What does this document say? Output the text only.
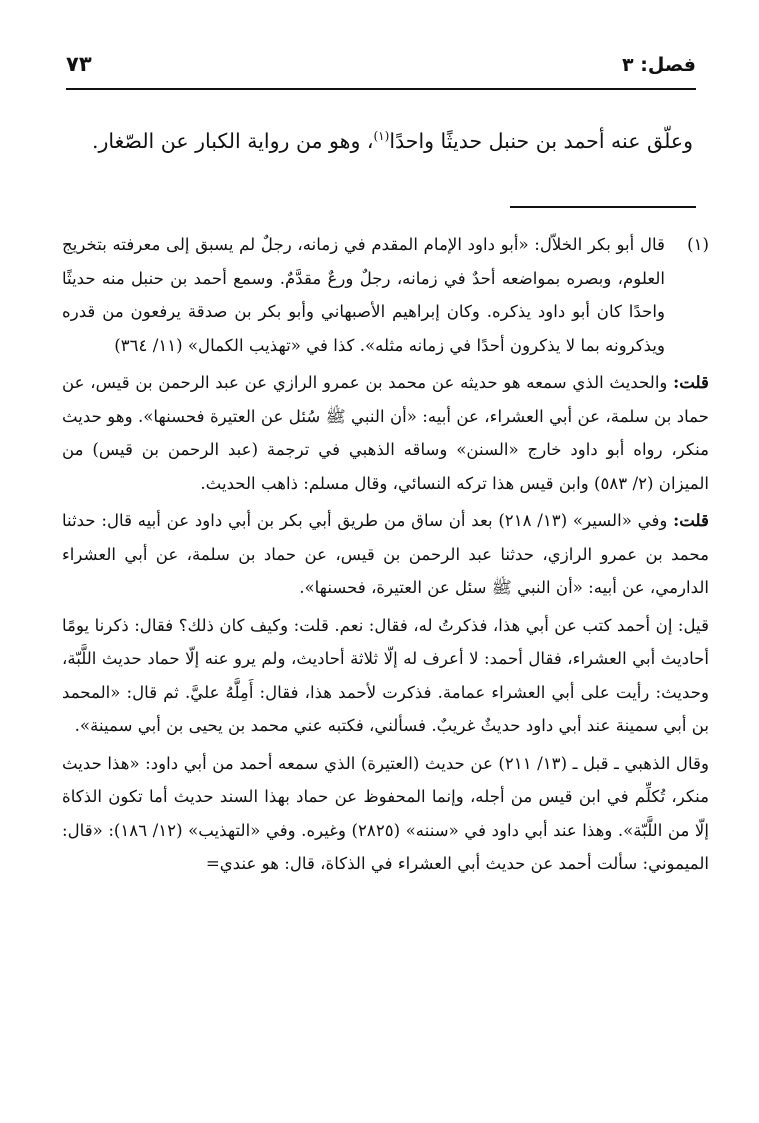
فصل: ٣
٧٣
وعلّق عنه أحمد بن حنبل حديثًا واحدًا$^{(١)}$، وهو من رواية الكبار عن الصّغار.

(١)
قال أبو بكر الخلاّل: «أبو داود الإمام المقدم في زمانه، رجلٌ لم يسبق إلى معرفته بتخريج العلوم، وبصره بمواضعه أحدٌ في زمانه، رجلٌ ورعٌ مقدَّمٌ. وسمع أحمد بن حنبل منه حديثًا واحدًا كان أبو داود يذكره. وكان إبراهيم الأصبهاني وأبو بكر بن صدقة يرفعون من قدره ويذكرونه بما لا يذكرون أحدًا في زمانه مثله». كذا في «تهذيب الكمال» (١١/ ٣٦٤)

قلت: والحديث الذي سمعه هو حديثه عن محمد بن عمرو الرازي عن عبد الرحمن بن قيس، عن حماد بن سلمة، عن أبي العشراء، عن أبيه: «أن النبي ﷺ سُئل عن العتيرة فحسنها». وهو حديث منكر، رواه أبو داود خارج «السنن» وساقه الذهبي في ترجمة (عبد الرحمن بن قيس) من الميزان (٢/ ٥٨٣) وابن قيس هذا تركه النسائي، وقال مسلم: ذاهب الحديث.

قلت: وفي «السير» (١٣/ ٢١٨) بعد أن ساق من طريق أبي بكر بن أبي داود عن أبيه قال: حدثنا محمد بن عمرو الرازي، حدثنا عبد الرحمن بن قيس، عن حماد بن سلمة، عن أبي العشراء الدارمي، عن أبيه: «أن النبي ﷺ سئل عن العتيرة، فحسنها».

قيل: إن أحمد كتب عن أبي هذا، فذكرتُ له، فقال: نعم. قلت: وكيف كان ذلك؟ فقال: ذكرنا يومًا أحاديث أبي العشراء، فقال أحمد: لا أعرف له إلّا ثلاثة أحاديث، ولم يرو عنه إلّا حماد حديث اللَّبّة، وحديث: رأيت على أبي العشراء عمامة. فذكرت لأحمد هذا، فقال: أَمِلَّهُ عليَّ. ثم قال: «المحمد بن أبي سمينة عند أبي داود حديثٌ غريبٌ. فسألني، فكتبه عني محمد بن يحيى بن أبي سمينة».

وقال الذهبي ـ قبل ـ (١٣/ ٢١١) عن حديث (العتيرة) الذي سمعه أحمد من أبي داود: «هذا حديث منكر، تُكلِّم في ابن قيس من أجله، وإنما المحفوظ عن حماد بهذا السند حديث أما تكون الذكاة إلّا من اللَّبّة». وهذا عند أبي داود في «سننه» (٢٨٢٥) وغيره. وفي «التهذيب» (١٢/ ١٨٦): «قال: الميموني: سألت أحمد عن حديث أبي العشراء في الذكاة، قال: هو عندي=
